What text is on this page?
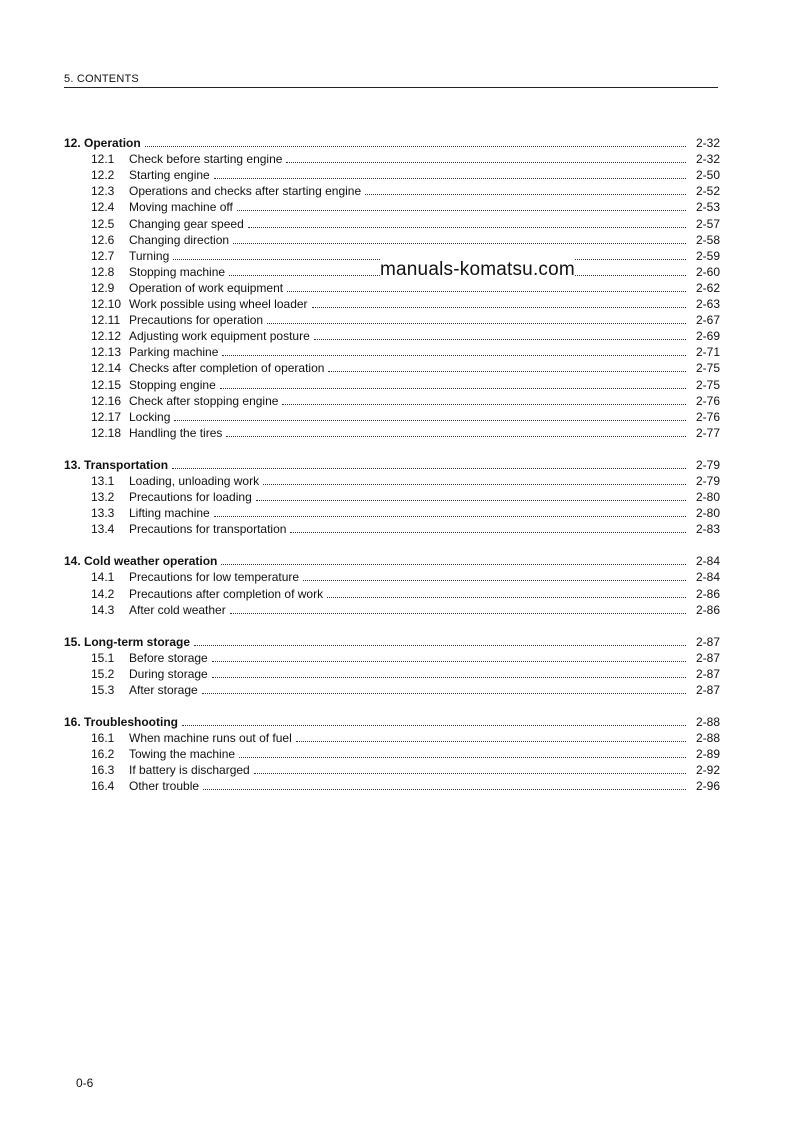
5. CONTENTS
manuals-komatsu.com
12. Operation	2-32
12.1	Check before starting engine	2-32
12.2	Starting engine	2-50
12.3	Operations and checks after starting engine	2-52
12.4	Moving machine off	2-53
12.5	Changing gear speed	2-57
12.6	Changing direction	2-58
12.7	Turning	2-59
12.8	Stopping machine	2-60
12.9	Operation of work equipment	2-62
12.10 Work possible using wheel loader	2-63
12.11 Precautions for operation	2-67
12.12 Adjusting work equipment posture	2-69
12.13 Parking machine	2-71
12.14 Checks after completion of operation	2-75
12.15 Stopping engine	2-75
12.16 Check after stopping engine	2-76
12.17 Locking	2-76
12.18 Handling the tires	2-77
13. Transportation	2-79
13.1	Loading, unloading work	2-79
13.2	Precautions for loading	2-80
13.3	Lifting machine	2-80
13.4	Precautions for transportation	2-83
14. Cold weather operation	2-84
14.1	Precautions for low temperature	2-84
14.2	Precautions after completion of work	2-86
14.3	After cold weather	2-86
15. Long-term storage	2-87
15.1	Before storage	2-87
15.2	During storage	2-87
15.3	After storage	2-87
16. Troubleshooting	2-88
16.1	When machine runs out of fuel	2-88
16.2	Towing the machine	2-89
16.3	If battery is discharged	2-92
16.4	Other trouble	2-96
0-6
